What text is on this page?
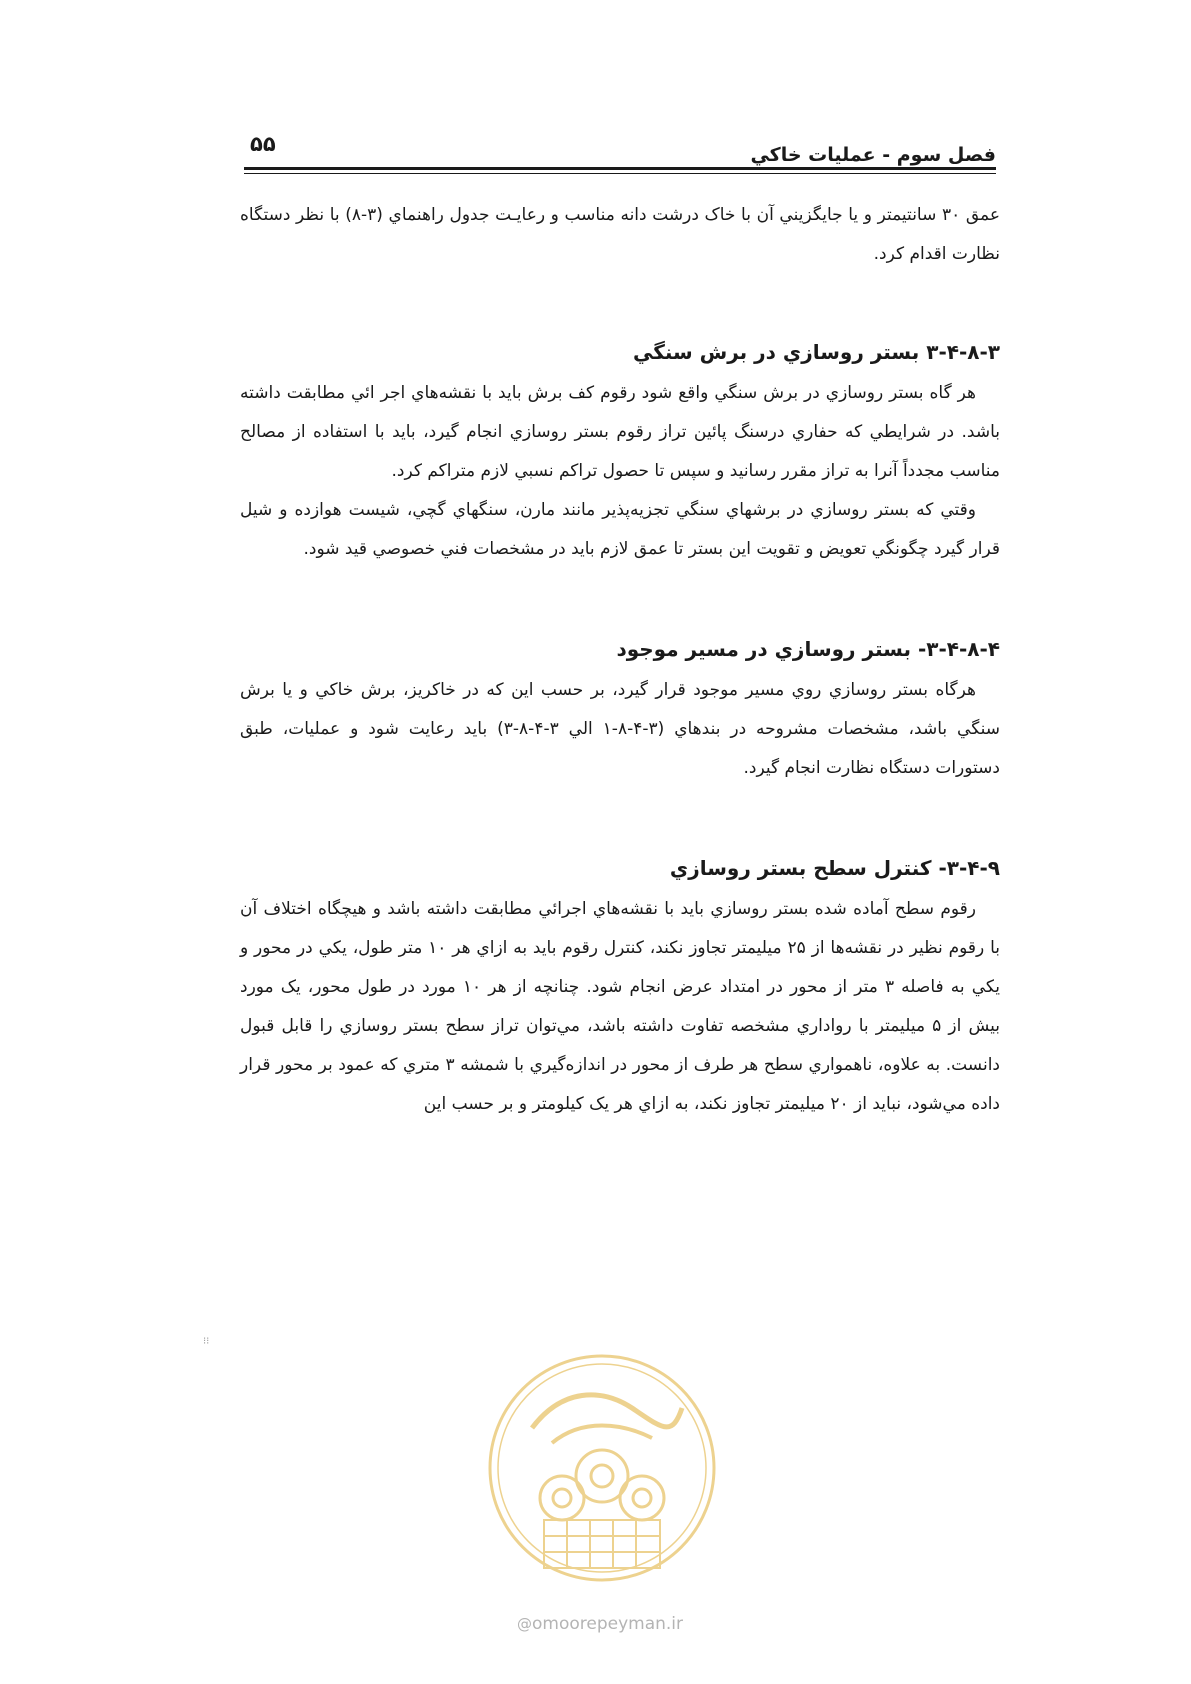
فصل سوم - عمليات خاكي
۵۵

عمق ۳۰ سانتيمتر و يا جايگزيني آن با خاک درشت دانه مناسب و رعايـت جدول راهنماي (۳-۸) با نظر دستگاه نظارت اقدام کرد.

۳-۴-۸-۳ بستر روسازي در برش سنگي

هر گاه بستر روسازي در برش سنگي واقع شود رقوم کف برش بايد با نقشه‌هاي اجر ائي مطابقت داشته باشد. در شرايطي که حفاري درسنگ پائين تراز رقوم بستر روسازي انجام گيرد، بايد با استفاده از مصالح مناسب مجدداً آنرا به تراز مقرر رسانيد و سپس تا حصول تراکم نسبي لازم متراکم کرد.

وقتي که بستر روسازي در برشهاي سنگي تجزيه‌پذير مانند مارن، سنگهاي گچي، شيست هوازده و شيل قرار گيرد چگونگي تعويض و تقويت اين بستر تا عمق لازم بايد در مشخصات فني خصوصي قيد شود.

۳-۴-۸-۴- بستر روسازي در مسير موجود

هرگاه بستر روسازي روي مسير موجود قرار گيرد، بر حسب اين که در خاکريز، برش خاکي و يا برش سنگي باشد، مشخصات مشروحه در بندهاي (۳-۴-۸-۱ الي ۳-۴-۸-۳) بايد رعايت شود و عمليات، طبق دستورات دستگاه نظارت انجام گيرد.

۳-۴-۹- کنترل سطح بستر روسازي

رقوم سطح آماده شده بستر روسازي بايد با نقشه‌هاي اجرائي مطابقت داشته باشد و هيچگاه اختلاف آن با رقوم نظير در نقشه‌ها از ۲۵ ميليمتر تجاوز نکند، کنترل رقوم بايد به ازاي هر ۱۰ متر طول، يکي در محور و يکي به فاصله ۳ متر از محور در امتداد عرض انجام شود. چنانچه از هر ۱۰ مورد در طول محور، يک مورد بيش از ۵ ميليمتر با رواداري مشخصه تفاوت داشته باشد، مي‌توان تراز سطح بستر روسازي را قابل قبول دانست. به علاوه، ناهمواري سطح هر طرف از محور در اندازه‌گيري با شمشه ۳ متري که عمود بر محور قرار داده مي‌شود، نبايد از ۲۰ ميليمتر تجاوز نکند، به ازاي هر يک کيلومتر و بر حسب اين

⁝⁝
@omoorepeyman.ir
